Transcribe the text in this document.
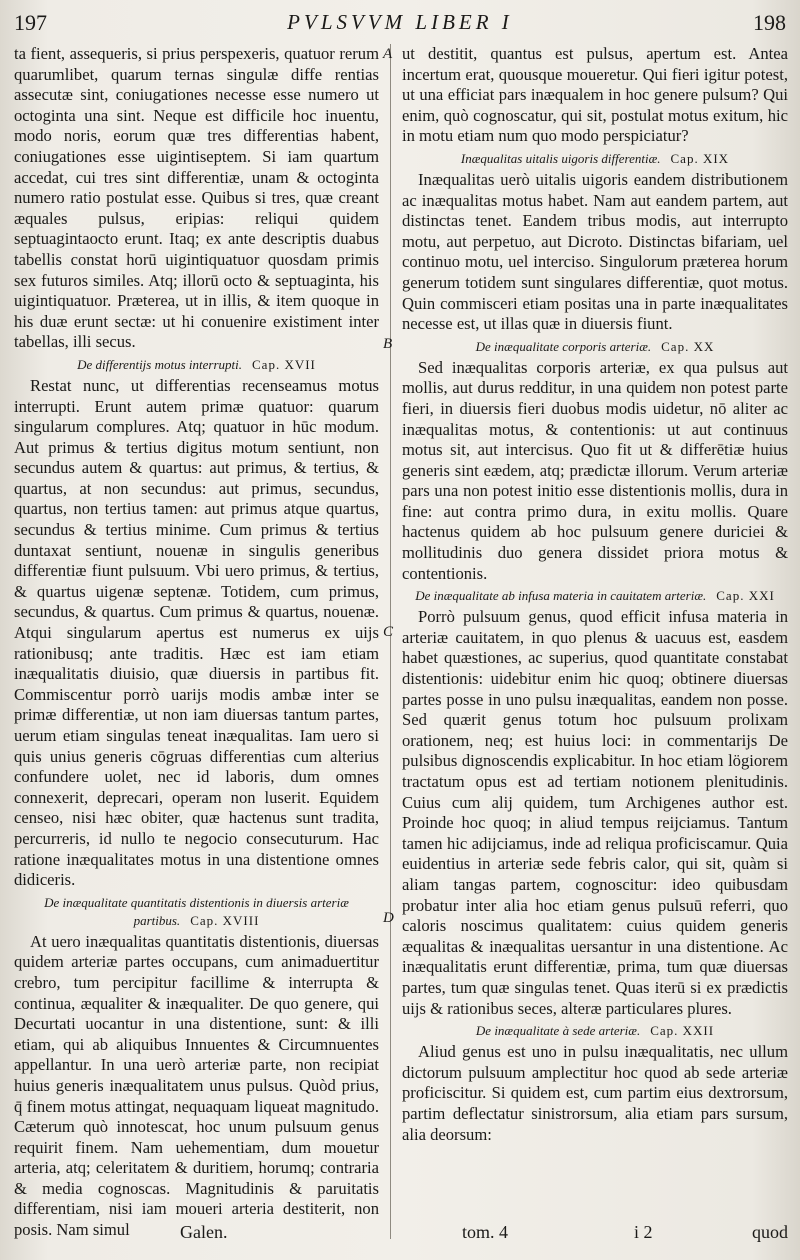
197	PVLSVVM LIBER I	198
A
B
C
D

ta fient, assequeris, si prius perspexeris, quatuor rerum quarumlibet, quarum ternas singulæ diffe rentias assecutæ sint, coniugationes necesse esse numero ut octoginta una sint. Neque est difficile hoc inuentu, modo noris, eorum quæ tres differentias habent, coniugationes esse uigintiseptem. Si iam quartum accedat, cui tres sint differentiæ, unam & octoginta numero ratio postulat esse. Quibus si tres, quæ creant æquales pulsus, eripias: reliqui quidem septuagintaocto erunt. Itaq; ex ante descriptis duabus tabellis constat horū uigintiquatuor quosdam primis sex futuros similes. Atq; illorū octo & septuaginta, his uigintiquatuor. Præterea, ut in illis, & item quoque in his duæ erunt sectæ: ut hi conuenire existiment inter tabellas, illi secus.

De differentijs motus interrupti. Cap. XVII

Restat nunc, ut differentias recenseamus motus interrupti. Erunt autem primæ quatuor: quarum singularum complures. Atq; quatuor in hūc modum. Aut primus & tertius digitus motum sentiunt, non secundus autem & quartus: aut primus, & tertius, & quartus, at non secundus: aut primus, secundus, quartus, non tertius tamen: aut primus atque quartus, secundus & tertius minime. Cum primus & tertius duntaxat sentiunt, nouenæ in singulis generibus differentiæ fiunt pulsuum. Vbi uero primus, & tertius, & quartus uigenæ septenæ. Totidem, cum primus, secundus, & quartus. Cum primus & quartus, nouenæ. Atqui singularum apertus est numerus ex uijs rationibusq; ante traditis. Hæc est iam etiam inæqualitatis diuisio, quæ diuersis in partibus fit. Commiscentur porrò uarijs modis ambæ inter se primæ differentiæ, ut non iam diuersas tantum partes, uerum etiam singulas teneat inæqualitas. Iam uero si quis unius generis cōgruas differentias cum alterius confundere uolet, nec id laboris, dum omnes connexerit, deprecari, operam non luserit. Equidem censeo, nisi hæc obiter, quæ hactenus sunt tradita, percurreris, id nullo te negocio consecuturum. Hac ratione inæqualitates motus in una distentione omnes didiceris.

De inæqualitate quantitatis distentionis in diuersis arteriæ partibus. Cap. XVIII

At uero inæqualitas quantitatis distentionis, diuersas quidem arteriæ partes occupans, cum animaduertitur crebro, tum percipitur facillime & interrupta & continua, æqualiter & inæqualiter. De quo genere, qui Decurtati uocantur in una distentione, sunt: & illi etiam, qui ab aliquibus Innuentes & Circumnuentes appellantur. In una uerò arteriæ parte, non recipiat huius generis inæqualitatem unus pulsus. Quòd prius, q̄ finem motus attingat, nequaquam liqueat magnitudo. Cæterum quò innotescat, hoc unum pulsuum genus requirit finem. Nam uehementiam, dum mouetur arteria, atq; celeritatem & duritiem, horumq; contraria & media cognoscas. Magnitudinis & paruitatis differentiam, nisi iam moueri arteria destiterit, non posis. Nam simul	Galen.

ut destitit, quantus est pulsus, apertum est. Antea incertum erat, quousque moueretur. Qui fieri igitur potest, ut una efficiat pars inæqualem in hoc genere pulsum? Qui enim, quò cognoscatur, qui sit, postulat motus exitum, hic in motu etiam num quo modo perspiciatur?

Inæqualitas uitalis uigoris differentiæ. Cap. XIX

Inæqualitas uerò uitalis uigoris eandem distributionem ac inæqualitas motus habet. Nam aut eandem partem, aut distinctas tenet. Eandem tribus modis, aut interrupto motu, aut perpetuo, aut Dicroto. Distinctas bifariam, uel continuo motu, uel interciso. Singulorum præterea horum generum totidem sunt singulares differentiæ, quot motus. Quin commisceri etiam positas una in parte inæqualitates necesse est, ut illas quæ in diuersis fiunt.

De inæqualitate corporis arteriæ. Cap. XX

Sed inæqualitas corporis arteriæ, ex qua pulsus aut mollis, aut durus redditur, in una quidem non potest parte fieri, in diuersis fieri duobus modis uidetur, nō aliter ac inæqualitas motus, & contentionis: ut aut continuus motus sit, aut intercisus. Quo fit ut & differētiæ huius generis sint eædem, atq; prædictæ illorum. Verum arteriæ pars una non potest initio esse distentionis mollis, dura in fine: aut contra primo dura, in exitu mollis. Quare hactenus quidem ab hoc pulsuum genere duriciei & mollitudinis duo genera dissidet priora motus & contentionis.

De inæqualitate ab infusa materia in cauitatem arteriæ. Cap. XXI

Porrò pulsuum genus, quod efficit infusa materia in arteriæ cauitatem, in quo plenus & uacuus est, easdem habet quæstiones, ac superius, quod quantitate constabat distentionis: uidebitur enim hic quoq; obtinere diuersas partes posse in uno pulsu inæqualitas, eandem non posse. Sed quærit genus totum hoc pulsuum prolixam orationem, neq; est huius loci: in commentarijs De pulsibus dignoscendis explicabitur. In hoc etiam lögiorem tractatum opus est ad tertiam notionem plenitudinis. Cuius cum alij quidem, tum Archigenes author est. Proinde hoc quoq; in aliud tempus reijciamus. Tantum tamen hic adijciamus, inde ad reliqua proficiscamur. Quia euidentius in arteriæ sede febris calor, qui sit, quàm si aliam tangas partem, cognoscitur: ideo quibusdam probatur inter alia hoc etiam genus pulsuū referri, quo caloris noscimus qualitatem: cuius quidem generis æqualitas & inæqualitas uersantur in una distentione. Ac inæqualitatis erunt differentiæ, prima, tum quæ diuersas partes, tum quæ singulas tenet. Quas iterū si ex prædictis uijs & rationibus seces, alteræ particulares plures.

De inæqualitate à sede arteriæ. Cap. XXII

Aliud genus est uno in pulsu inæqualitatis, nec ullum dictorum pulsuum amplectitur hoc quod ab sede arteriæ proficiscitur. Si quidem est, cum partim eius dextrorsum, partim deflectatur sinistrorsum, alia etiam pars sursum, alia deorsum:

tom. 4	i 2	quod
